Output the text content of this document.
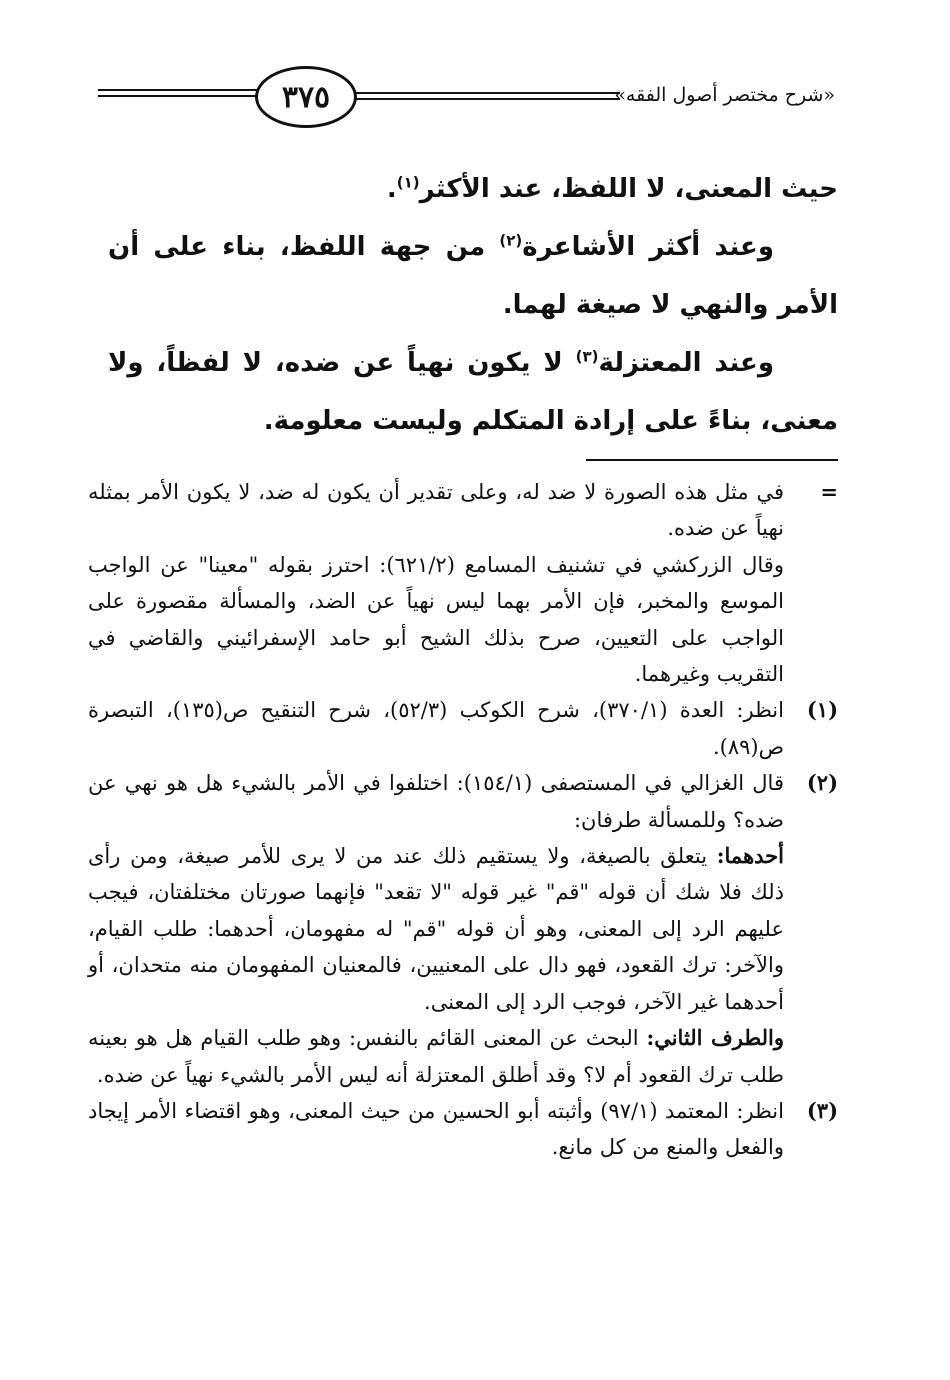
٣٧٥	«شرح مختصر أصول الفقه»

حيث المعنى، لا اللفظ، عند الأكثر$^{(١)}$.

وعند أكثر الأشاعرة$^{(٢)}$ من جهة اللفظ، بناء على أن الأمر والنهي لا صيغة لهما.

وعند المعتزلة$^{(٣)}$ لا يكون نهياً عن ضده، لا لفظاً، ولا معنى، بناءً على إرادة المتكلم وليست معلومة.

=
في مثل هذه الصورة لا ضد له، وعلى تقدير أن يكون له ضد، لا يكون الأمر بمثله نهياً عن ضده.

وقال الزركشي في تشنيف المسامع (٦٢١/٢): احترز بقوله "معينا" عن الواجب الموسع والمخبر، فإن الأمر بهما ليس نهياً عن الضد، والمسألة مقصورة على الواجب على التعيين، صرح بذلك الشيح أبو حامد الإسفرائيني والقاضي في التقريب وغيرهما.

(١)
انظر: العدة (٣٧٠/١)، شرح الكوكب (٥٢/٣)، شرح التنقيح ص(١٣٥)، التبصرة ص(٨٩).

(٢)
قال الغزالي في المستصفى (١٥٤/١): اختلفوا في الأمر بالشيء هل هو نهي عن ضده؟ وللمسألة طرفان:

أحدهما: يتعلق بالصيغة، ولا يستقيم ذلك عند من لا يرى للأمر صيغة، ومن رأى ذلك فلا شك أن قوله "قم" غير قوله "لا تقعد" فإنهما صورتان مختلفتان، فيجب عليهم الرد إلى المعنى، وهو أن قوله "قم" له مفهومان، أحدهما: طلب القيام، والآخر: ترك القعود، فهو دال على المعنيين، فالمعنيان المفهومان منه متحدان، أو أحدهما غير الآخر، فوجب الرد إلى المعنى.

والطرف الثاني: البحث عن المعنى القائم بالنفس: وهو طلب القيام هل هو بعينه طلب ترك القعود أم لا؟ وقد أطلق المعتزلة أنه ليس الأمر بالشيء نهياً عن ضده.

(٣)
انظر: المعتمد (٩٧/١) وأثبته أبو الحسين من حيث المعنى، وهو اقتضاء الأمر إيجاد والفعل والمنع من كل مانع.
